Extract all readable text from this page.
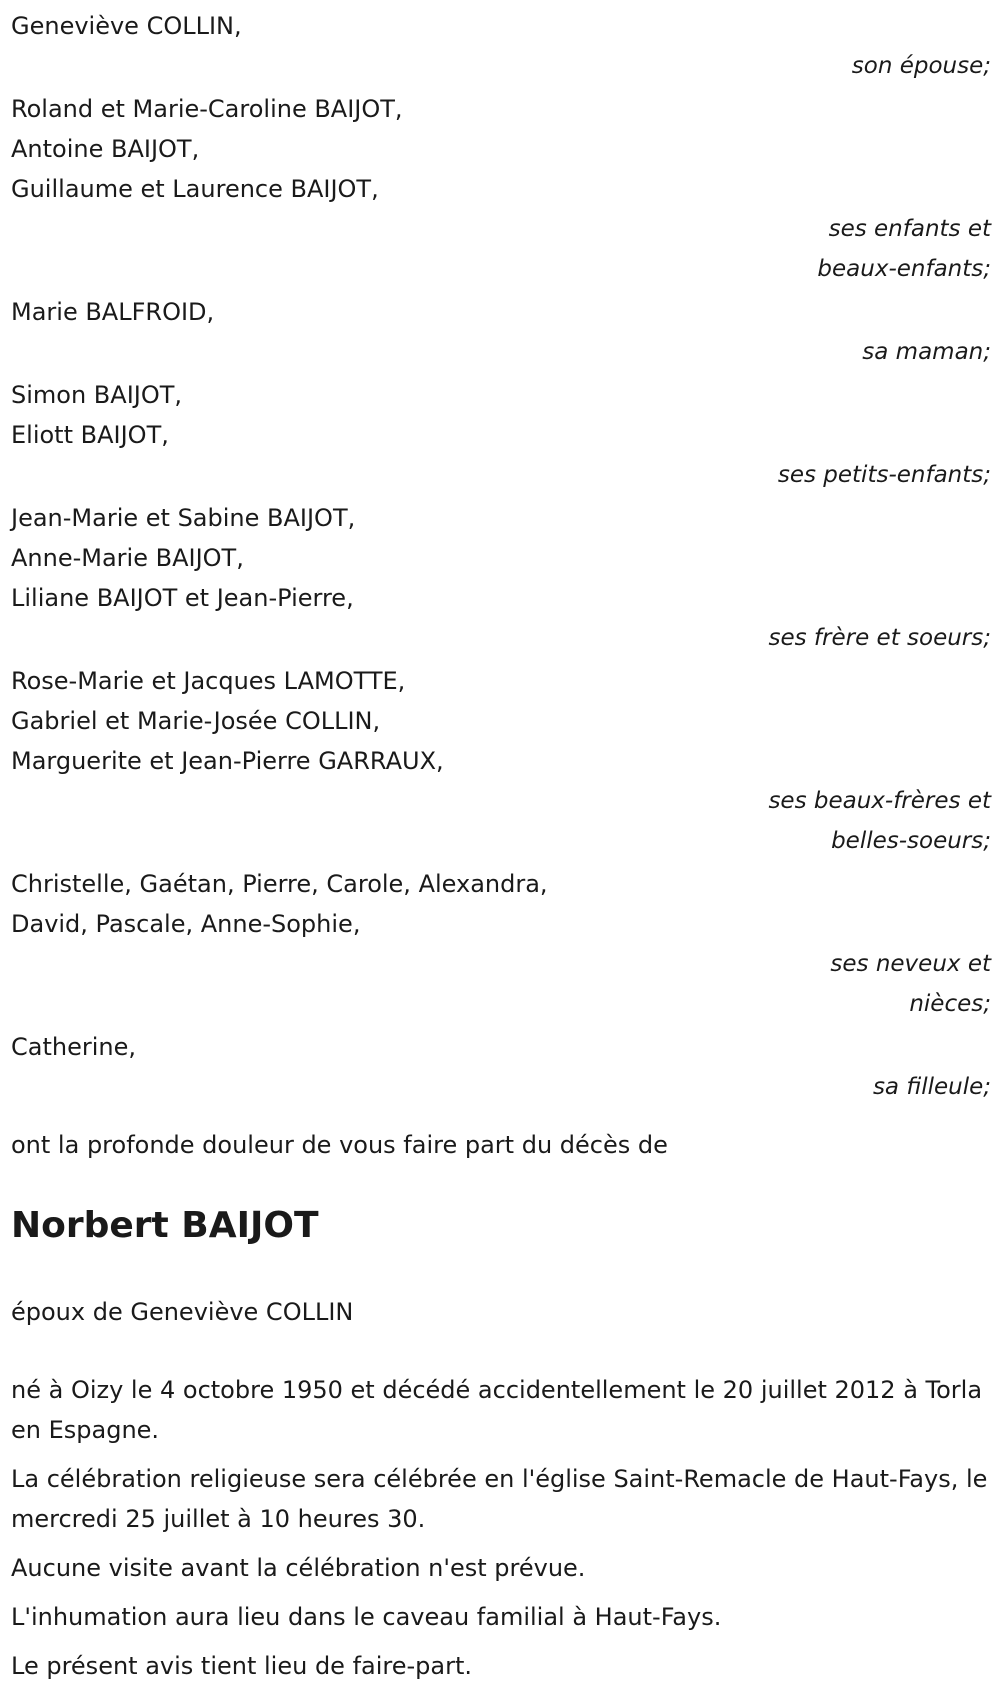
Geneviève COLLIN,
son épouse;
Roland et Marie-Caroline BAIJOT,
Antoine BAIJOT,
Guillaume et Laurence BAIJOT,
ses enfants et
beaux-enfants;
Marie BALFROID,
sa maman;
Simon BAIJOT,
Eliott BAIJOT,
ses petits-enfants;
Jean-Marie et Sabine BAIJOT,
Anne-Marie BAIJOT,
Liliane BAIJOT et Jean-Pierre,
ses frère et soeurs;
Rose-Marie et Jacques LAMOTTE,
Gabriel et Marie-Josée COLLIN,
Marguerite et Jean-Pierre GARRAUX,
ses beaux-frères et
belles-soeurs;
Christelle, Gaétan, Pierre, Carole, Alexandra,
David, Pascale, Anne-Sophie,
ses neveux et
nièces;
Catherine,
sa filleule;
ont la profonde douleur de vous faire part du décès de
Norbert BAIJOT
époux de Geneviève COLLIN
né à Oizy le 4 octobre 1950 et décédé accidentellement le 20 juillet 2012 à Torla en Espagne.
La célébration religieuse sera célébrée en l'église Saint-Remacle de Haut-Fays, le mercredi 25 juillet à 10 heures 30.
Aucune visite avant la célébration n'est prévue.
L'inhumation aura lieu dans le caveau familial à Haut-Fays.
Le présent avis tient lieu de faire-part.
